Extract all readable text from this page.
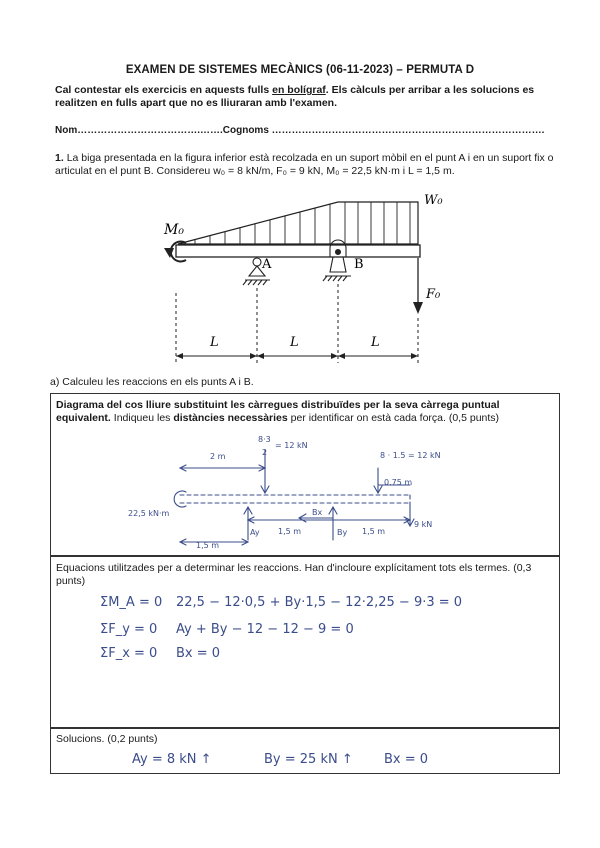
EXAMEN DE SISTEMES MECÀNICS (06-11-2023) – PERMUTA D
Cal contestar els exercicis en aquests fulls en bolígraf. Els càlculs per arribar a les solucions es realitzen en fulls apart que no es lliuraran amb l'examen.
Nom……………………………….…….Cognoms ……………………………………………………………………….
1. La biga presentada en la figura inferior està recolzada en un suport mòbil en el punt A i en un suport fix o articulat en el punt B. Considereu w₀ = 8 kN/m, F₀ = 9 kN, M₀ = 22,5 kN·m i L = 1,5 m.
W₀
M₀
F₀
A	B
L	L	L
a) Calculeu les reaccions en els punts A i B.
Diagrama del cos lliure substituint les càrregues distribuïdes per la seva càrrega puntual equivalent. Indiqueu les distàncies necessàries per identificar on està cada força. (0,5 punts)
8·3
2
= 12 kN
8 · 1.5 = 12 kN
2 m
0.75 m
22,5 kN·m
1,5 m
1,5 m	1,5 m
Ay	By
Bx
9 kN
Equacions utilitzades per a determinar les reaccions. Han d'incloure explícitament tots els termes. (0,3 punts)
ΣM_A = 0 22,5 − 12·0,5 + By·1,5 − 12·2,25 − 9·3 = 0
ΣF_y = 0 Ay + By − 12 − 12 − 9 = 0
ΣF_x = 0 Bx = 0
Solucions. (0,2 punts)
Ay = 8 kN ↑	By = 25 kN ↑ Bx = 0
